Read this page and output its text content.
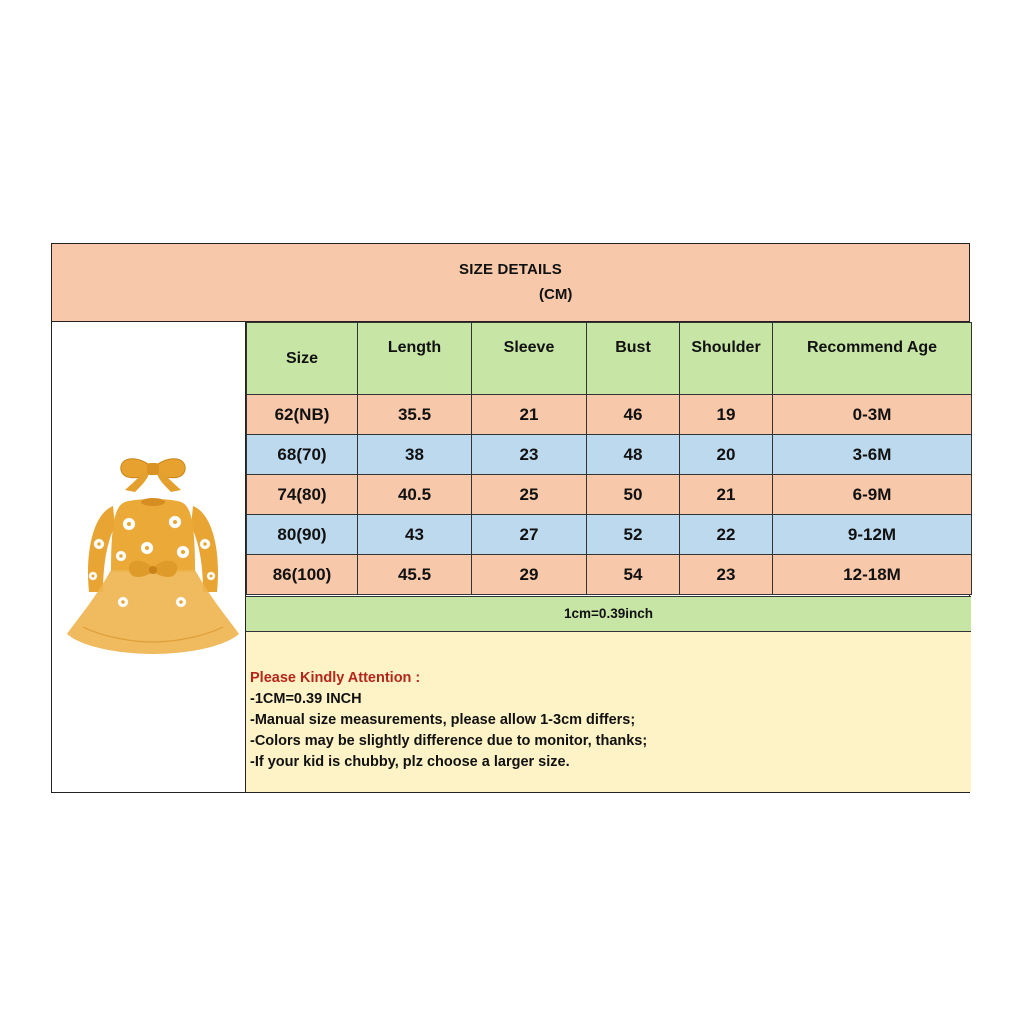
SIZE DETAILS
(CM)
Size	Length	Sleeve	Bust	Shoulder	Recommend Age
62(NB)	35.5	21	46	19	0-3M
68(70)	38	23	48	20	3-6M
74(80)	40.5	25	50	21	6-9M
80(90)	43	27	52	22	9-12M
86(100)	45.5	29	54	23	12-18M
1cm=0.39inch
Please Kindly Attention :
-1CM=0.39 INCH
-Manual size measurements, please allow 1-3cm differs;
-Colors may be slightly difference due to monitor, thanks;
-If your kid is chubby, plz choose a larger size.
